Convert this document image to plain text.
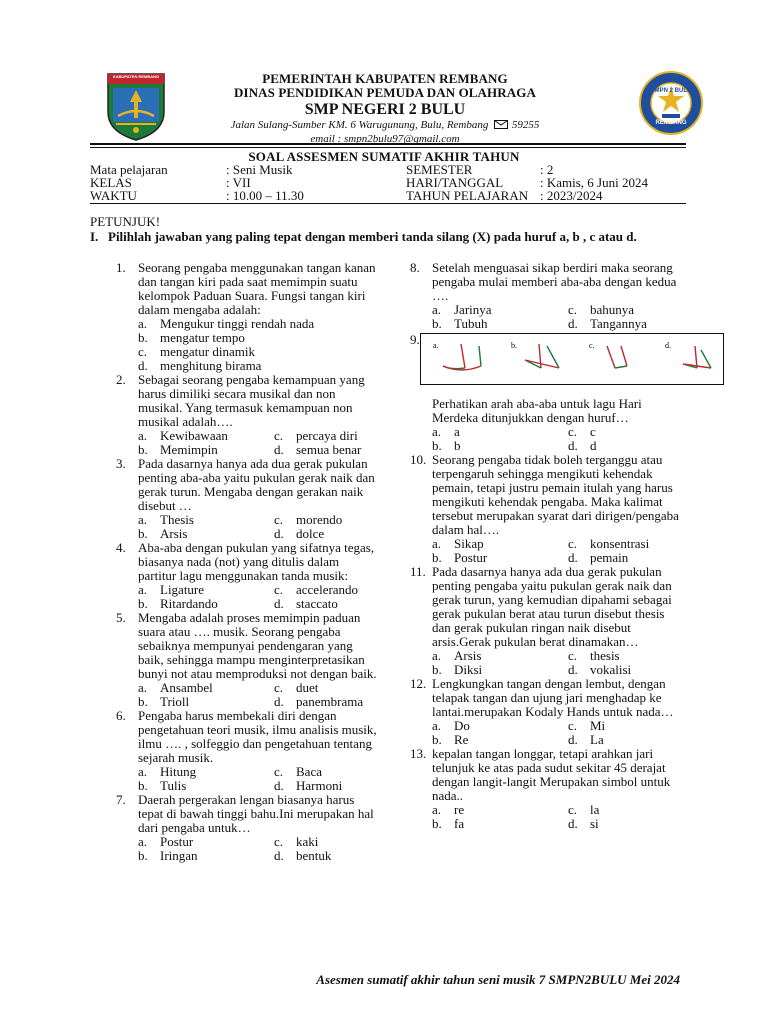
KABUPATEN REMBANG	PEMERINTAH KABUPATEN REMBANG
DINAS PENDIDIKAN PEMUDA DAN OLAHRAGA
SMP NEGERI 2 BULU
Jalan Sulang-Sumber KM. 6 Warugunung, Bulu, Rembang 59255
email : smpn2bulu97@gmail.com
SMPN 2 BULU
REMBANG
SOAL ASSESMEN SUMATIF AKHIR TAHUN
Mata pelajaran	: Seni Musik	SEMESTER	: 2
KELAS	: VII	HARI/TANGGAL	: Kamis, 6 Juni 2024
WAKTU	: 10.00 – 11.30	TAHUN PELAJARAN : 2023/2024
PETUNJUK!
I. Pilihlah jawaban yang paling tepat dengan memberi tanda silang (X) pada huruf a, b , c atau d.
1. Seorang pengaba menggunakan tangan kanan dan tangan kiri pada saat memimpin suatu kelompok Paduan Suara. Fungsi tangan kiri dalam mengaba adalah:
a. Mengukur tinggi rendah nada
b. mengatur tempo
c. mengatur dinamik
d. menghitung birama
2. Sebagai seorang pengaba kemampuan yang harus dimiliki secara musikal dan non musikal. Yang termasuk kemampuan non musikal adalah….
a. Kewibawaan	c. percaya diri
b. Memimpin	d. semua benar
3. Pada dasarnya hanya ada dua gerak pukulan penting aba-aba yaitu pukulan gerak naik dan gerak turun. Mengaba dengan gerakan naik disebut …
a. Thesis	c. morendo
b. Arsis	d. dolce
4. Aba-aba dengan pukulan yang sifatnya tegas, biasanya nada (not) yang ditulis dalam partitur lagu menggunakan tanda musik:
a. Ligature	c. accelerando
b. Ritardando	d. staccato
5. Mengaba adalah proses memimpin paduan suara atau …. musik. Seorang pengaba sebaiknya mempunyai pendengaran yang baik, sehingga mampu menginterpretasikan bunyi not atau memproduksi not dengan baik.
a. Ansambel	c. duet
b. Trioll	d. panembrama
6. Pengaba harus membekali diri dengan pengetahuan teori musik, ilmu analisis musik, ilmu …. , solfeggio dan pengetahuan tentang sejarah musik.
a. Hitung	c. Baca
b. Tulis	d. Harmoni
7. Daerah pergerakan lengan biasanya harus tepat di bawah tinggi bahu.Ini merupakan hal dari pengaba untuk…
a. Postur	c. kaki
b. Iringan	d. bentuk
8. Setelah menguasai sikap berdiri maka seorang pengaba mulai memberi aba-aba dengan kedua ….
a. Jarinya	c. bahunya
b. Tubuh	d. Tangannya
9. a.	b.	c.	d.
Perhatikan arah aba-aba untuk lagu Hari Merdeka ditunjukkan dengan huruf…
a. a	c. c
b. b	d. d
10. Seorang pengaba tidak boleh terganggu atau terpengaruh sehingga mengikuti kehendak pemain, tetapi justru pemain itulah yang harus mengikuti kehendak pengaba. Maka kalimat tersebut merupakan syarat dari dirigen/pengaba dalam hal….
a. Sikap	c. konsentrasi
b. Postur	d. pemain
11. Pada dasarnya hanya ada dua gerak pukulan penting pengaba yaitu pukulan gerak naik dan gerak turun, yang kemudian dipahami sebagai gerak pukulan berat atau turun disebut thesis dan gerak pukulan ringan naik disebut arsis.Gerak pukulan berat dinamakan…
a. Arsis	c. thesis
b. Diksi	d. vokalisi
12. Lengkungkan tangan dengan lembut, dengan telapak tangan dan ujung jari menghadap ke lantai.merupakan Kodaly Hands untuk nada…
a. Do	c. Mi
b. Re	d. La
13. kepalan tangan longgar, tetapi arahkan jari telunjuk ke atas pada sudut sekitar 45 derajat dengan langit-langit Merupakan simbol untuk nada..
a. re	c. la
b. fa	d. si
Asesmen sumatif akhir tahun seni musik 7 SMPN2BULU Mei 2024
